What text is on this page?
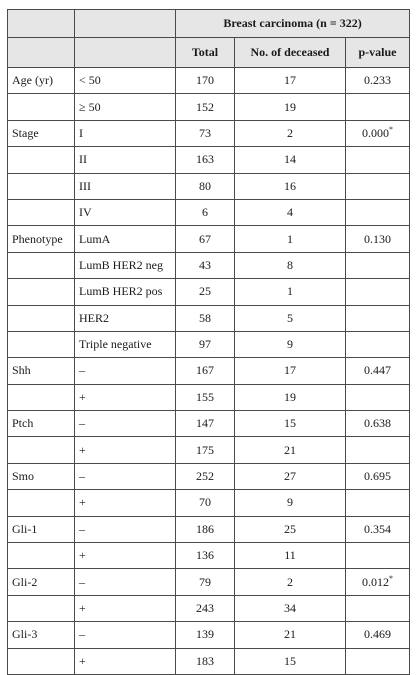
		Breast carcinoma (n = 322)		
		Total	No. of deceased	p-value
Age (yr)	< 50	170	17	0.233
	≥ 50	152	19	
Stage	I	73	2	0.000*
	II	163	14	
	III	80	16	
	IV	6	4	
Phenotype	LumA	67	1	0.130
	LumB HER2 neg	43	8	
	LumB HER2 pos	25	1	
	HER2	58	5	
	Triple negative	97	9	
Shh	–	167	17	0.447
	+	155	19	
Ptch	–	147	15	0.638
	+	175	21	
Smo	–	252	27	0.695
	+	70	9	
Gli-1	–	186	25	0.354
	+	136	11	
Gli-2	–	79	2	0.012*
	+	243	34	
Gli-3	–	139	21	0.469
	+	183	15	
